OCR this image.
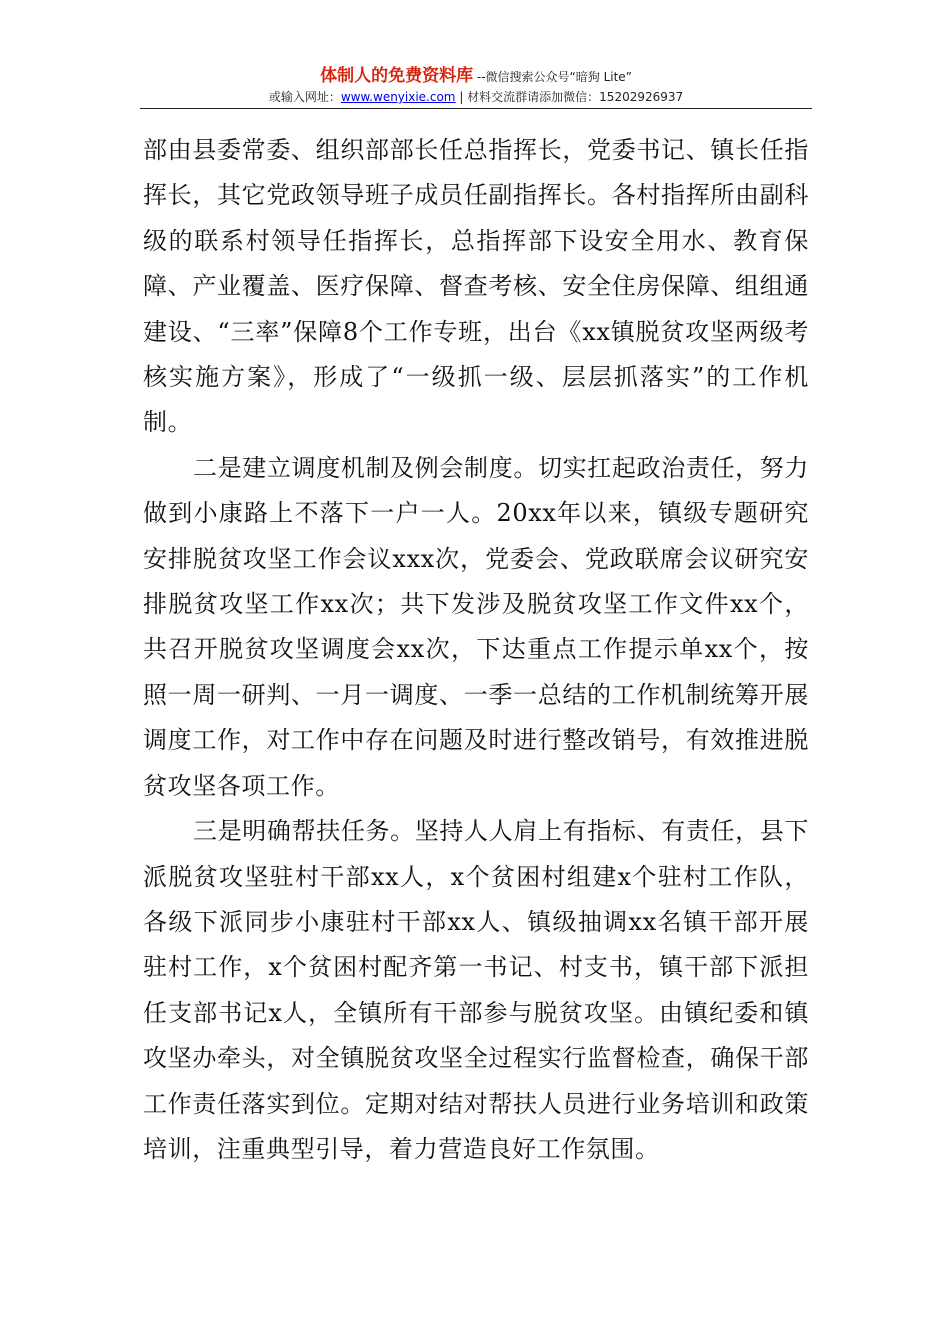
体制人的免费资料库 --微信搜索公众号“暗狗 Lite”
或输入网址：www.wenyixie.com | 材料交流群请添加微信：15202926937

部由县委常委、组织部部长任总指挥长，党委书记、镇长任指挥长，其它党政领导班子成员任副指挥长。各村指挥所由副科级的联系村领导任指挥长，总指挥部下设安全用水、教育保障、产业覆盖、医疗保障、督查考核、安全住房保障、组组通建设、“三率”保障8个工作专班，出台《xx镇脱贫攻坚两级考核实施方案》，形成了“一级抓一级、层层抓落实”的工作机制。

二是建立调度机制及例会制度。切实扛起政治责任，努力做到小康路上不落下一户一人。20xx年以来，镇级专题研究安排脱贫攻坚工作会议xxx次，党委会、党政联席会议研究安排脱贫攻坚工作xx次；共下发涉及脱贫攻坚工作文件xx个，共召开脱贫攻坚调度会xx次，下达重点工作提示单xx个，按照一周一研判、一月一调度、一季一总结的工作机制统筹开展调度工作，对工作中存在问题及时进行整改销号，有效推进脱贫攻坚各项工作。

三是明确帮扶任务。坚持人人肩上有指标、有责任，县下派脱贫攻坚驻村干部xx人，x个贫困村组建x个驻村工作队，各级下派同步小康驻村干部xx人、镇级抽调xx名镇干部开展驻村工作，x个贫困村配齐第一书记、村支书，镇干部下派担任支部书记x人，全镇所有干部参与脱贫攻坚。由镇纪委和镇攻坚办牵头，对全镇脱贫攻坚全过程实行监督检查，确保干部工作责任落实到位。定期对结对帮扶人员进行业务培训和政策培训，注重典型引导，着力营造良好工作氛围。
